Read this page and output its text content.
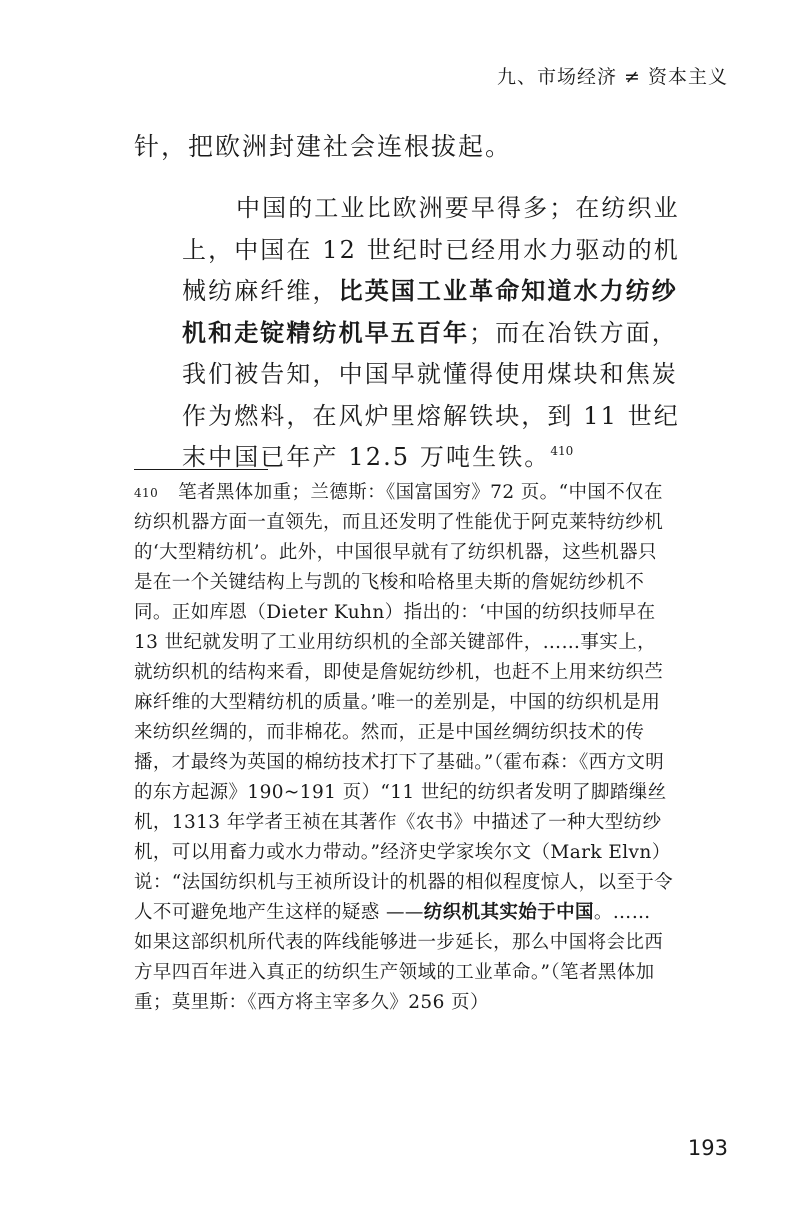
九、市场经济 ≠ 资本主义
针，把欧洲封建社会连根拔起。
中国的工业比欧洲要早得多；在纺织业上，中国在 12 世纪时已经用水力驱动的机械纺麻纤维，比英国工业革命知道水力纺纱机和走锭精纺机早五百年；而在冶铁方面，我们被告知，中国早就懂得使用煤块和焦炭作为燃料，在风炉里熔解铁块，到 11 世纪末中国已年产 12.5 万吨生铁。$^{410}$
$^{410}$ 笔者黑体加重；兰德斯：《国富国穷》72 页。“中国不仅在纺织机器方面一直领先，而且还发明了性能优于阿克莱特纺纱机的‘大型精纺机’。此外，中国很早就有了纺织机器，这些机器只是在一个关键结构上与凯的飞梭和哈格里夫斯的詹妮纺纱机不同。正如库恩（Dieter Kuhn）指出的：‘中国的纺织技师早在 13 世纪就发明了工业用纺织机的全部关键部件，……事实上，就纺织机的结构来看，即使是詹妮纺纱机，也赶不上用来纺织苎麻纤维的大型精纺机的质量。’唯一的差别是，中国的纺织机是用来纺织丝绸的，而非棉花。然而，正是中国丝绸纺织技术的传播，才最终为英国的棉纺技术打下了基础。”（霍布森：《西方文明的东方起源》190~191 页）“11 世纪的纺织者发明了脚踏缫丝机，1313 年学者王祯在其著作《农书》中描述了一种大型纺纱机，可以用畜力或水力带动。”经济史学家埃尔文（Mark Elvn）说：“法国纺织机与王祯所设计的机器的相似程度惊人，以至于令人不可避免地产生这样的疑惑 ——纺织机其实始于中国。…… 如果这部织机所代表的阵线能够进一步延长，那么中国将会比西方早四百年进入真正的纺织生产领域的工业革命。”（笔者黑体加重；莫里斯：《西方将主宰多久》256 页）
193
